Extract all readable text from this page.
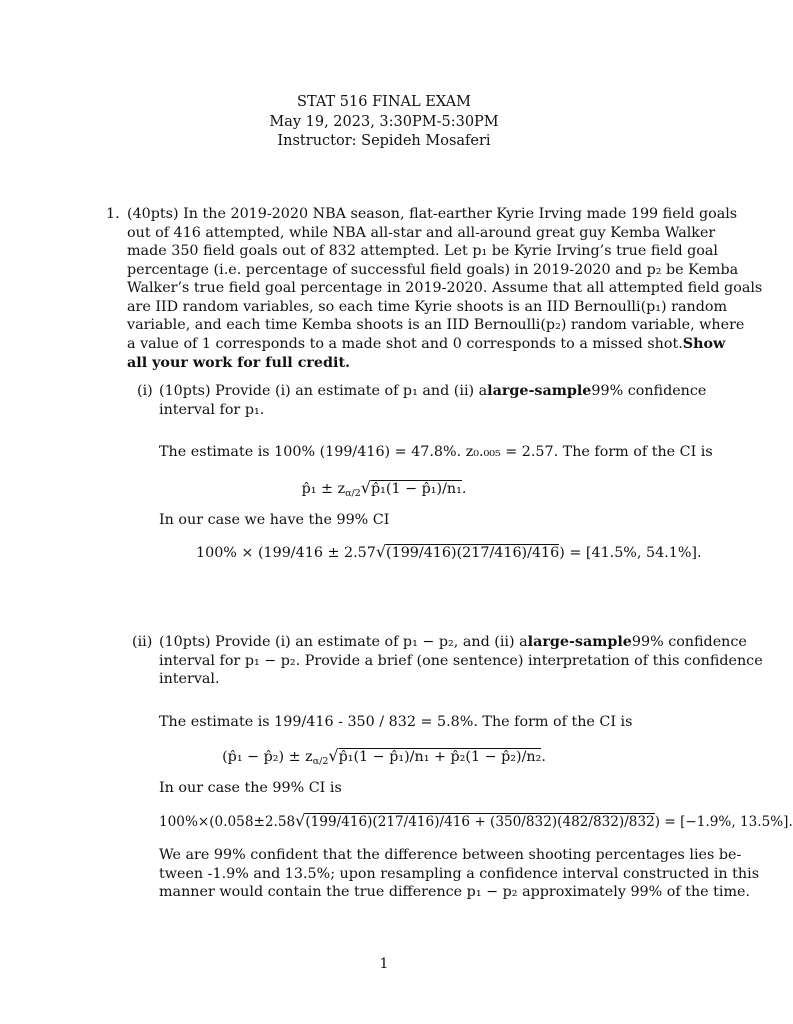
STAT 516 FINAL EXAM
May 19, 2023, 3:30PM-5:30PM
Instructor: Sepideh Mosaferi
1. (40pts) In the 2019-2020 NBA season, flat-earther Kyrie Irving made 199 field goals
out of 416 attempted, while NBA all-star and all-around great guy Kemba Walker
made 350 field goals out of 832 attempted. Let p₁ be Kyrie Irving’s true field goal
percentage (i.e. percentage of successful field goals) in 2019-2020 and p₂ be Kemba
Walker’s true field goal percentage in 2019-2020. Assume that all attempted field goals
are IID random variables, so each time Kyrie shoots is an IID Bernoulli(p₁) random
variable, and each time Kemba shoots is an IID Bernoulli(p₂) random variable, where
a value of 1 corresponds to a made shot and 0 corresponds to a missed shot. Show
all your work for full credit.
(i) (10pts) Provide (i) an estimate of p₁ and (ii) a large-sample 99% confidence
interval for p₁.
The estimate is 100% (199/416) = 47.8%. z₀.₀₀₅ = 2.57. The form of the CI is
p̂₁ ± $z_{\alpha/2}√p̂_1(1$ − p̂₁)/n₁.
In our case we have the 99% CI
100% × (199/416 ± 2.57√(199/416)(217/416)/416) = [41.5%, 54.1%].
(ii) (10pts) Provide (i) an estimate of p₁ − p₂, and (ii) a large-sample 99% confidence
interval for p₁ − p₂. Provide a brief (one sentence) interpretation of this confidence
interval.
The estimate is 199/416 - 350 / 832 = 5.8%. The form of the CI is
(p̂₁ − p̂₂) ± $z_{\alpha/2}√p̂_1(1$ − p̂₁)/n₁ + p̂₂(1 − p̂₂)/n₂.
In our case the 99% CI is
100%×(0.058±2.58√(199/416)(217/416)/416 + (350/832)(482/832)/832) = [−1.9%, 13.5%].
We are 99% confident that the difference between shooting percentages lies be-
tween -1.9% and 13.5%; upon resampling a confidence interval constructed in this
manner would contain the true difference p₁ − p₂ approximately 99% of the time.
1
